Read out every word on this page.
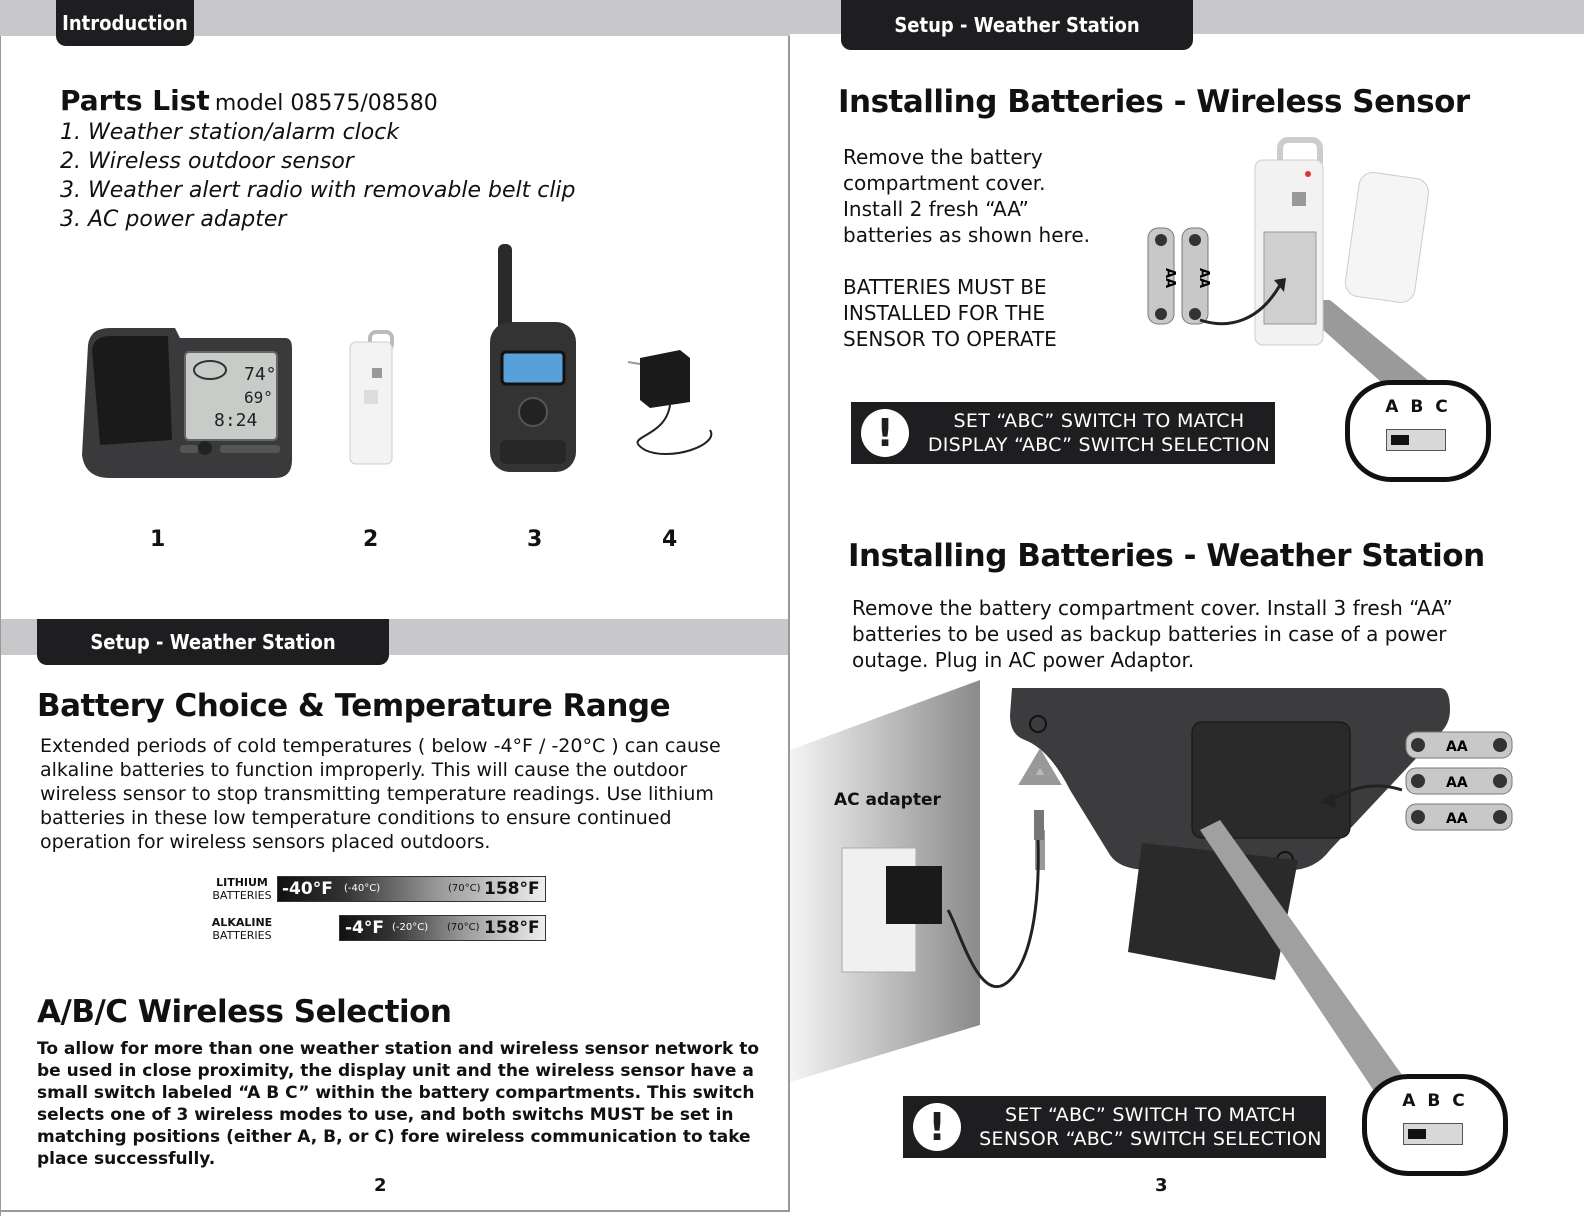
Introduction
Parts List model 08575/08580
1. Weather station/alarm clock
2. Wireless outdoor sensor
3. Weather alert radio with removable belt clip
3. AC power adapter
74°
69°
8:24
1	2	3	4
Setup - Weather Station
Battery Choice & Temperature Range
Extended periods of cold temperatures ( below -4°F / -20°C ) can cause alkaline batteries to function improperly. This will cause the outdoor wireless sensor to stop transmitting temperature readings. Use lithium batteries in these low temperature conditions to ensure continued operation for wireless sensors placed outdoors.
LITHIUM
BATTERIES -40°F (-40°C)	(70°C) 158°F
ALKALINE
BATTERIES	-4°F (-20°C) (70°C) 158°F
A/B/C Wireless Selection
To allow for more than one weather station and wireless sensor network to be used in close proximity, the display unit and the wireless sensor have a small switch labeled “A B C” within the battery compartments. This switch selects one of 3 wireless modes to use, and both switchs MUST be set in matching positions (either A, B, or C) fore wireless communication to take place successfully.
2
Setup - Weather Station
Installing Batteries - Wireless Sensor
Remove the battery
compartment cover.
Install 2 fresh “AA”
batteries as shown here.
BATTERIES MUST BE
INSTALLED FOR THE
SENSOR TO OPERATE
AA AA
!	SET “ABC” SWITCH TO MATCH
DISPLAY “ABC” SWITCH SELECTION
A B C
Installing Batteries - Weather Station
Remove the battery compartment cover. Install 3 fresh “AA” batteries to be used as backup batteries in case of a power outage. Plug in AC power Adaptor.
AA
AA
AA
AC adapter
!	SET “ABC” SWITCH TO MATCH
SENSOR “ABC” SWITCH SELECTION
A B C
3
